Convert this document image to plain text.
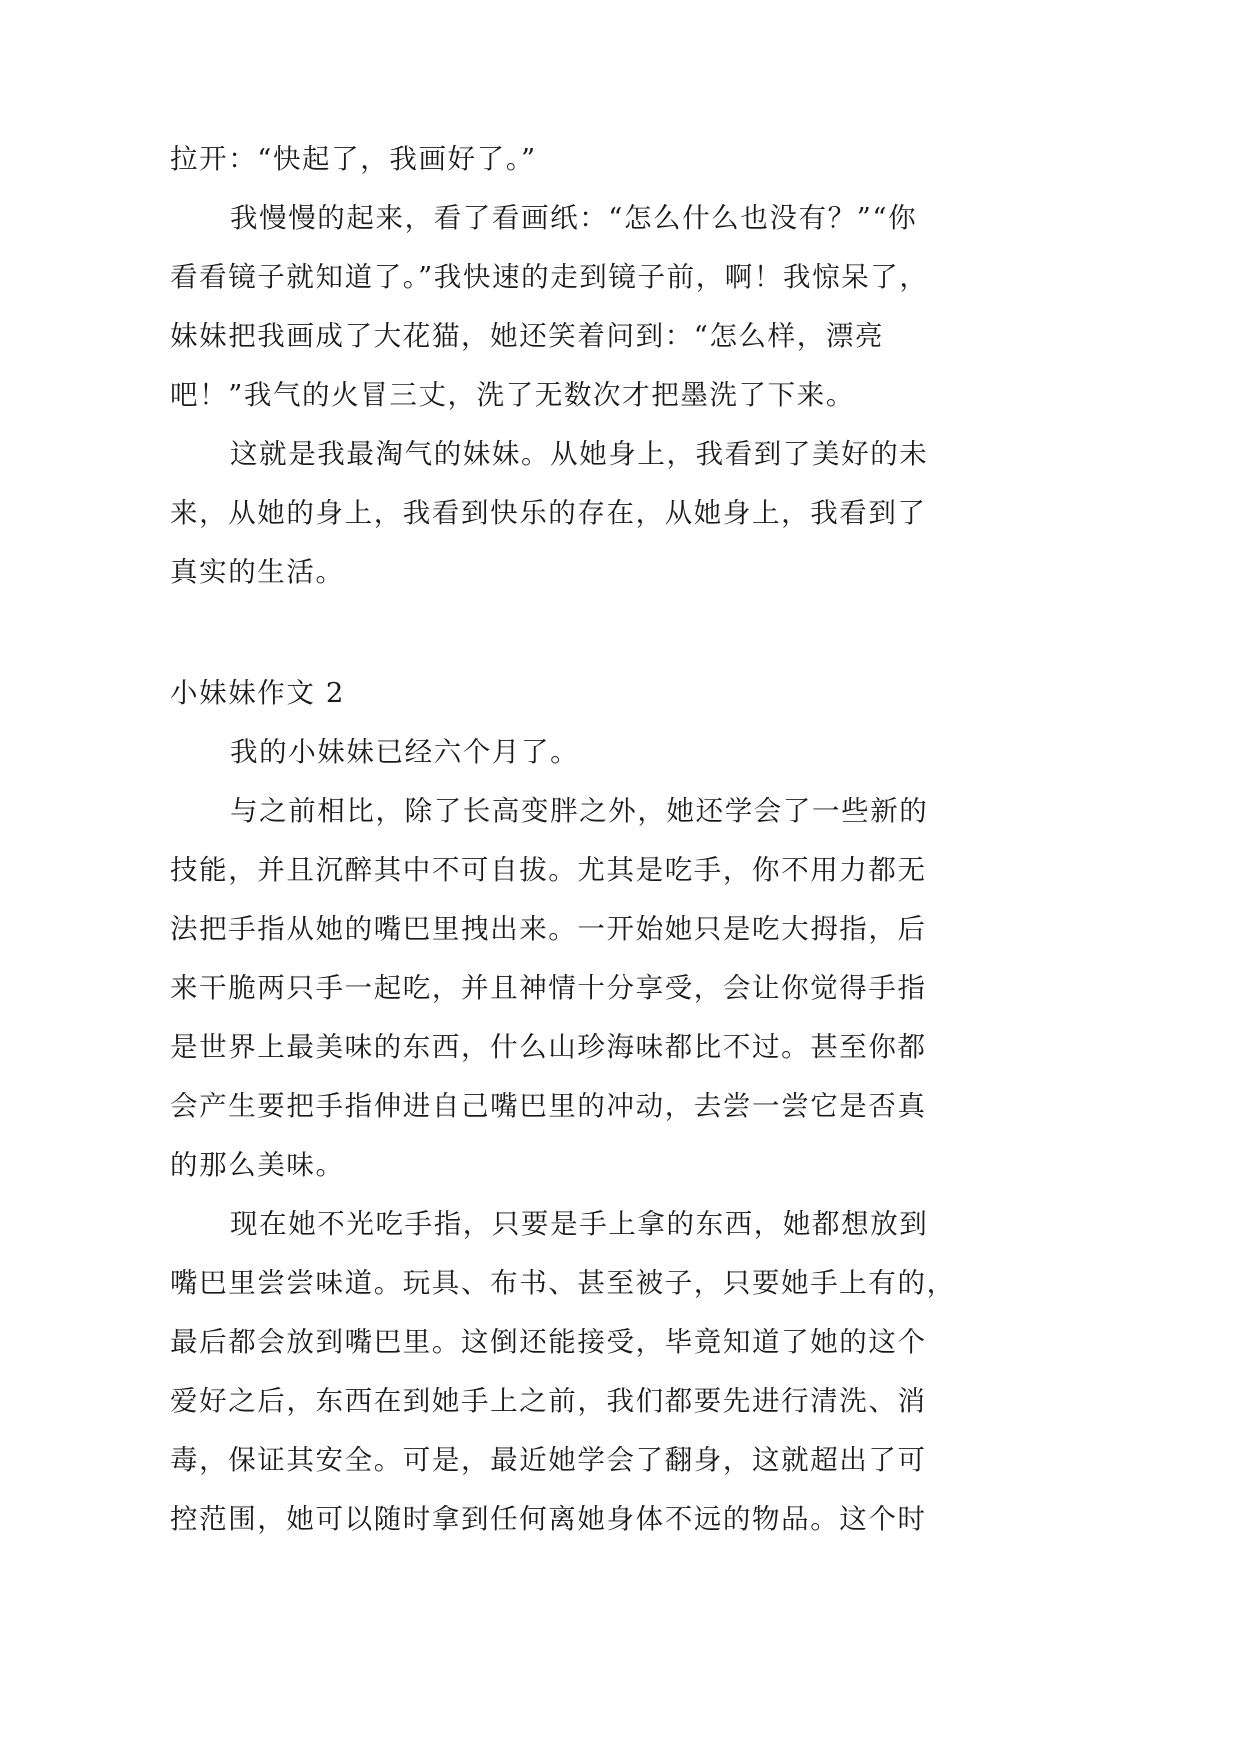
拉开：“快起了，我画好了。”
我慢慢的起来，看了看画纸：“怎么什么也没有？”“你
看看镜子就知道了。”我快速的走到镜子前，啊！我惊呆了，
妹妹把我画成了大花猫，她还笑着问到：“怎么样，漂亮
吧！”我气的火冒三丈，洗了无数次才把墨洗了下来。
这就是我最淘气的妹妹。从她身上，我看到了美好的未
来，从她的身上，我看到快乐的存在，从她身上，我看到了
真实的生活。
小妹妹作文 2
我的小妹妹已经六个月了。
与之前相比，除了长高变胖之外，她还学会了一些新的
技能，并且沉醉其中不可自拔。尤其是吃手，你不用力都无
法把手指从她的嘴巴里拽出来。一开始她只是吃大拇指，后
来干脆两只手一起吃，并且神情十分享受，会让你觉得手指
是世界上最美味的东西，什么山珍海味都比不过。甚至你都
会产生要把手指伸进自己嘴巴里的冲动，去尝一尝它是否真
的那么美味。
现在她不光吃手指，只要是手上拿的东西，她都想放到
嘴巴里尝尝味道。玩具、布书、甚至被子，只要她手上有的，
最后都会放到嘴巴里。这倒还能接受，毕竟知道了她的这个
爱好之后，东西在到她手上之前，我们都要先进行清洗、消
毒，保证其安全。可是，最近她学会了翻身，这就超出了可
控范围，她可以随时拿到任何离她身体不远的物品。这个时
